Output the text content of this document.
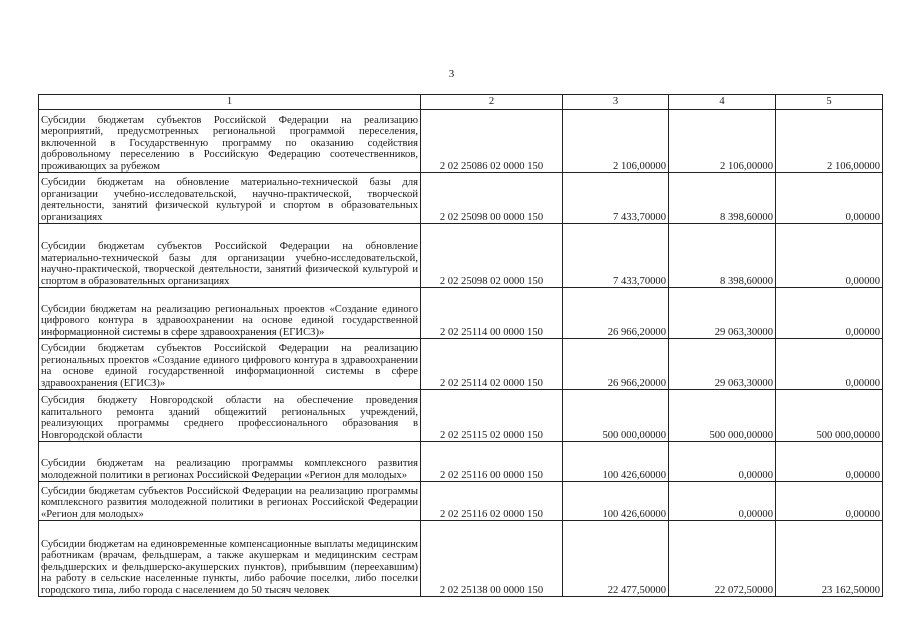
3
1	2	3	4	5
Субсидии бюджетам субъектов Российской Федерации на реализацию мероприятий, предусмотренных региональной программой переселения, включенной в Государственную программу по оказанию содействия добровольному переселению в Российскую Федерацию соотечественников, проживающих за рубежом	2 02 25086 02 0000 150	2 106,00000	2 106,00000	2 106,00000
Субсидии бюджетам на обновление материально-технической базы для организации учебно-исследовательской, научно-практической, творческой деятельности, занятий физической культурой и спортом в образовательных организациях	2 02 25098 00 0000 150	7 433,70000	8 398,60000	0,00000
Субсидии бюджетам субъектов Российской Федерации на обновление материально-технической базы для организации учебно-исследовательской, научно-практической, творческой деятельности, занятий физической культурой и спортом в образовательных организациях	2 02 25098 02 0000 150	7 433,70000	8 398,60000	0,00000
Субсидии бюджетам на реализацию региональных проектов «Создание единого цифрового контура в здравоохранении на основе единой государственной информационной системы в сфере здравоохранения (ЕГИСЗ)»	2 02 25114 00 0000 150	26 966,20000	29 063,30000	0,00000
Субсидии бюджетам субъектов Российской Федерации на реализацию региональных проектов «Создание единого цифрового контура в здравоохранении на основе единой государственной информационной системы в сфере здравоохранения (ЕГИСЗ)»	2 02 25114 02 0000 150	26 966,20000	29 063,30000	0,00000
Субсидия бюджету Новгородской области на обеспечение проведения капитального ремонта зданий общежитий региональных учреждений, реализующих программы среднего профессионального образования в Новгородской области	2 02 25115 02 0000 150	500 000,00000	500 000,00000	500 000,00000
Субсидии бюджетам на реализацию программы комплексного развития молодежной политики в регионах Российской Федерации «Регион для молодых»	2 02 25116 00 0000 150	100 426,60000	0,00000	0,00000
Субсидии бюджетам субъектов Российской Федерации на реализацию программы комплексного развития молодежной политики в регионах Российской Федерации «Регион для молодых»	2 02 25116 02 0000 150	100 426,60000	0,00000	0,00000
Субсидии бюджетам на единовременные компенсационные выплаты медицинским работникам (врачам, фельдшерам, а также акушеркам и медицинским сестрам фельдшерских и фельдшерско-акушерских пунктов), прибывшим (переехавшим) на работу в сельские населенные пункты, либо рабочие поселки, либо поселки городского типа, либо города с населением до 50 тысяч человек	2 02 25138 00 0000 150	22 477,50000	22 072,50000	23 162,50000
